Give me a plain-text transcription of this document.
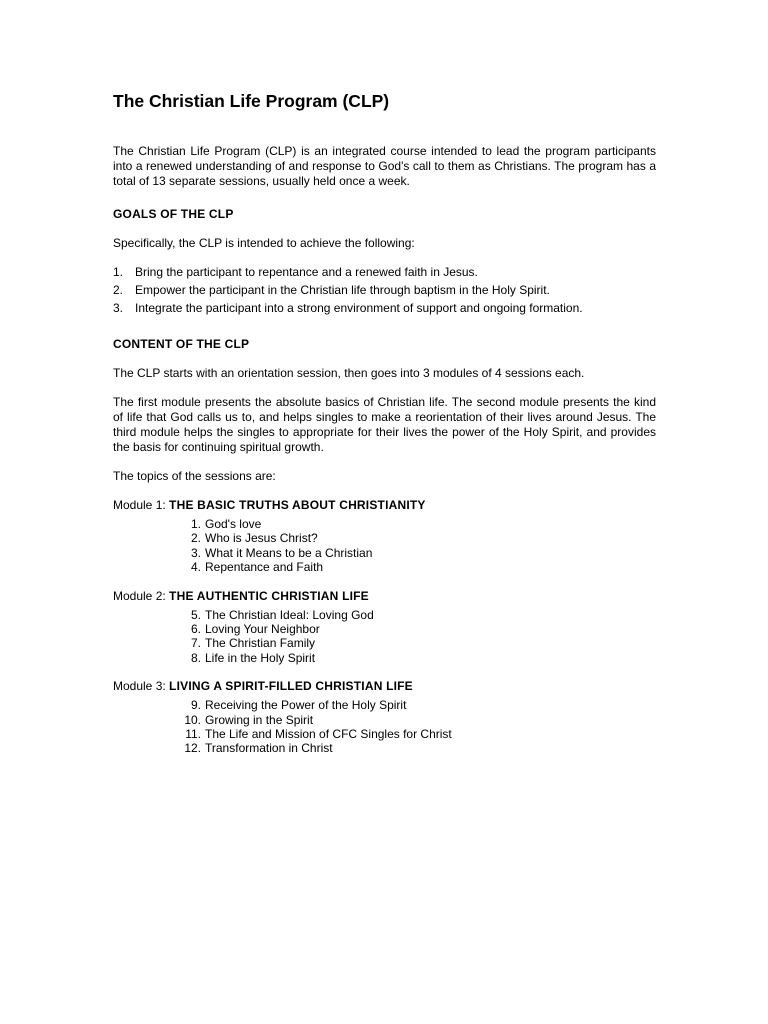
The Christian Life Program (CLP)

The Christian Life Program (CLP) is an integrated course intended to lead the program participants into a renewed understanding of and response to God's call to them as Christians. The program has a total of 13 separate sessions, usually held once a week.

GOALS OF THE CLP

Specifically, the CLP is intended to achieve the following:

1. Bring the participant to repentance and a renewed faith in Jesus.
2. Empower the participant in the Christian life through baptism in the Holy Spirit.
3. Integrate the participant into a strong environment of support and ongoing formation.
CONTENT OF THE CLP

The CLP starts with an orientation session, then goes into 3 modules of 4 sessions each.

The first module presents the absolute basics of Christian life. The second module presents the kind of life that God calls us to, and helps singles to make a reorientation of their lives around Jesus. The third module helps the singles to appropriate for their lives the power of the Holy Spirit, and provides the basis for continuing spiritual growth.

The topics of the sessions are:

Module 1: THE BASIC TRUTHS ABOUT CHRISTIANITY

1. God's love
2. Who is Jesus Christ?
3. What it Means to be a Christian
4. Repentance and Faith

Module 2: THE AUTHENTIC CHRISTIAN LIFE

5. The Christian Ideal: Loving God
6. Loving Your Neighbor
7. The Christian Family
8. Life in the Holy Spirit

Module 3: LIVING A SPIRIT-FILLED CHRISTIAN LIFE

9. Receiving the Power of the Holy Spirit
10. Growing in the Spirit
11. The Life and Mission of CFC Singles for Christ
12. Transformation in Christ
